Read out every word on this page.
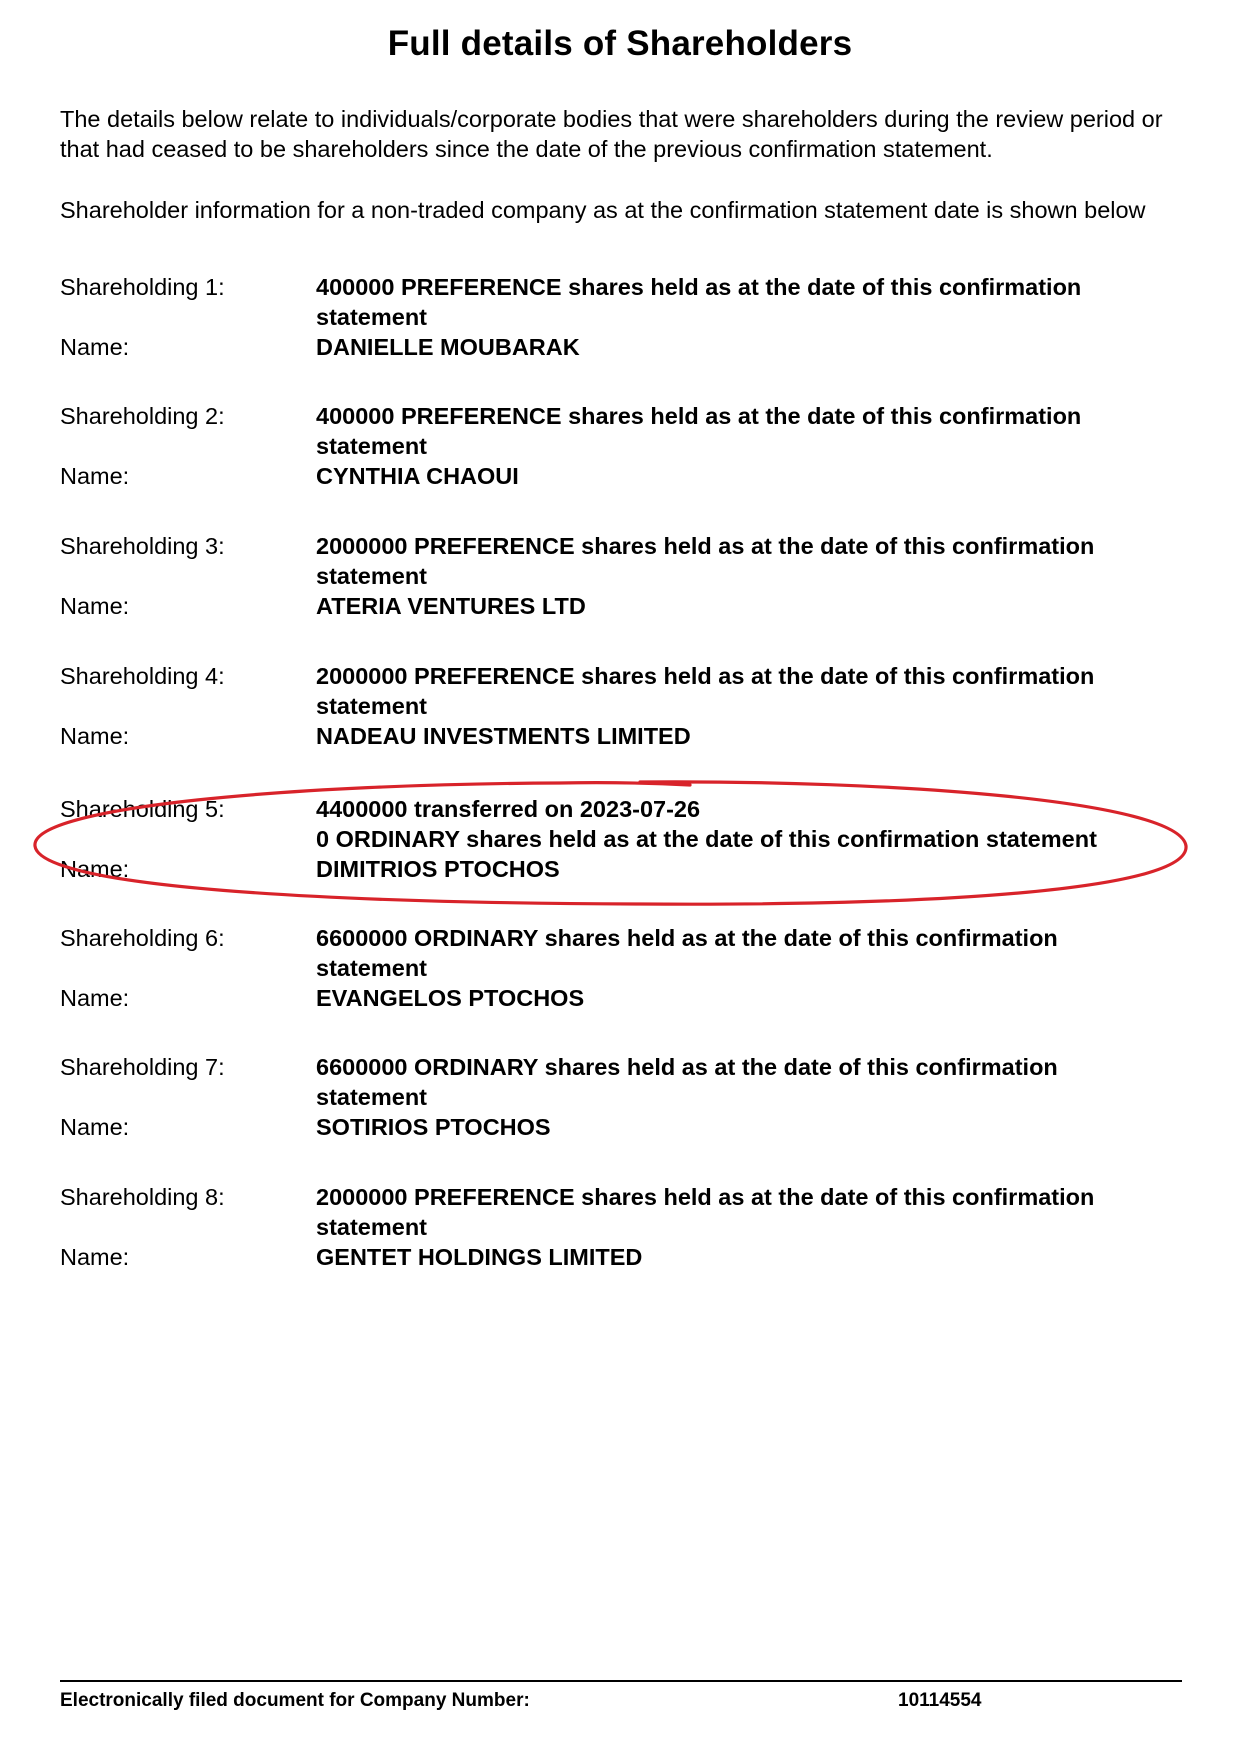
Full details of Shareholders
The details below relate to individuals/corporate bodies that were shareholders during the review period or that had ceased to be shareholders since the date of the previous confirmation statement.
Shareholder information for a non-traded company as at the confirmation statement date is shown below
Shareholding 1:	400000 PREFERENCE shares held as at the date of this confirmation
statement
Name:	DANIELLE MOUBARAK
Shareholding 2:	400000 PREFERENCE shares held as at the date of this confirmation
statement
Name:	CYNTHIA CHAOUI
Shareholding 3:	2000000 PREFERENCE shares held as at the date of this confirmation
statement
Name:	ATERIA VENTURES LTD
Shareholding 4:	2000000 PREFERENCE shares held as at the date of this confirmation
statement
Name:	NADEAU INVESTMENTS LIMITED
Shareholding 5:	4400000 transferred on 2023-07-26
0 ORDINARY shares held as at the date of this confirmation statement
Name:	DIMITRIOS PTOCHOS
Shareholding 6:	6600000 ORDINARY shares held as at the date of this confirmation
statement
Name:	EVANGELOS PTOCHOS
Shareholding 7:	6600000 ORDINARY shares held as at the date of this confirmation
statement
Name:	SOTIRIOS PTOCHOS
Shareholding 8:	2000000 PREFERENCE shares held as at the date of this confirmation
statement
Name:	GENTET HOLDINGS LIMITED
Electronically filed document for Company Number:	10114554
